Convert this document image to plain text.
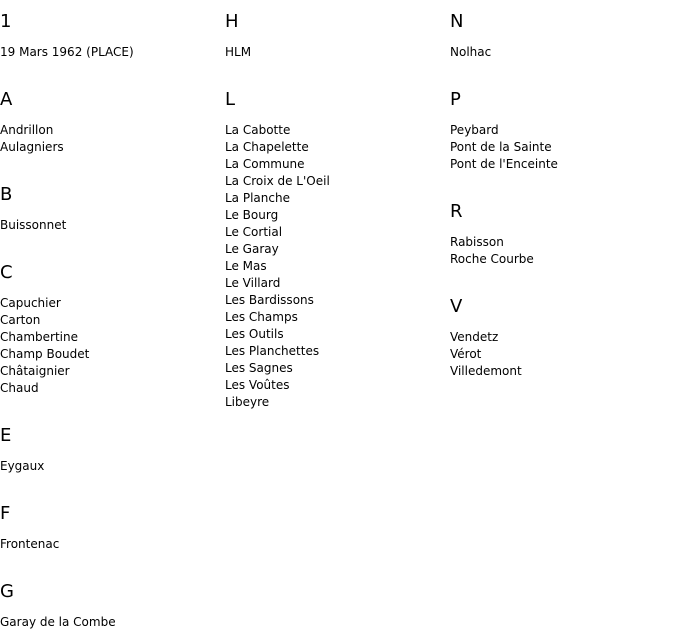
1
19 Mars 1962 (PLACE)
A
Andrillon
Aulagniers
B
Buissonnet
C
Capuchier
Carton
Chambertine
Champ Boudet
Châtaignier
Chaud
E
Eygaux
F
Frontenac
G
Garay de la Combe
H
HLM
L
La Cabotte
La Chapelette
La Commune
La Croix de L'Oeil
La Planche
Le Bourg
Le Cortial
Le Garay
Le Mas
Le Villard
Les Bardissons
Les Champs
Les Outils
Les Planchettes
Les Sagnes
Les Voûtes
Libeyre
N
Nolhac
P
Peybard
Pont de la Sainte
Pont de l'Enceinte
R
Rabisson
Roche Courbe
V
Vendetz
Vérot
Villedemont
